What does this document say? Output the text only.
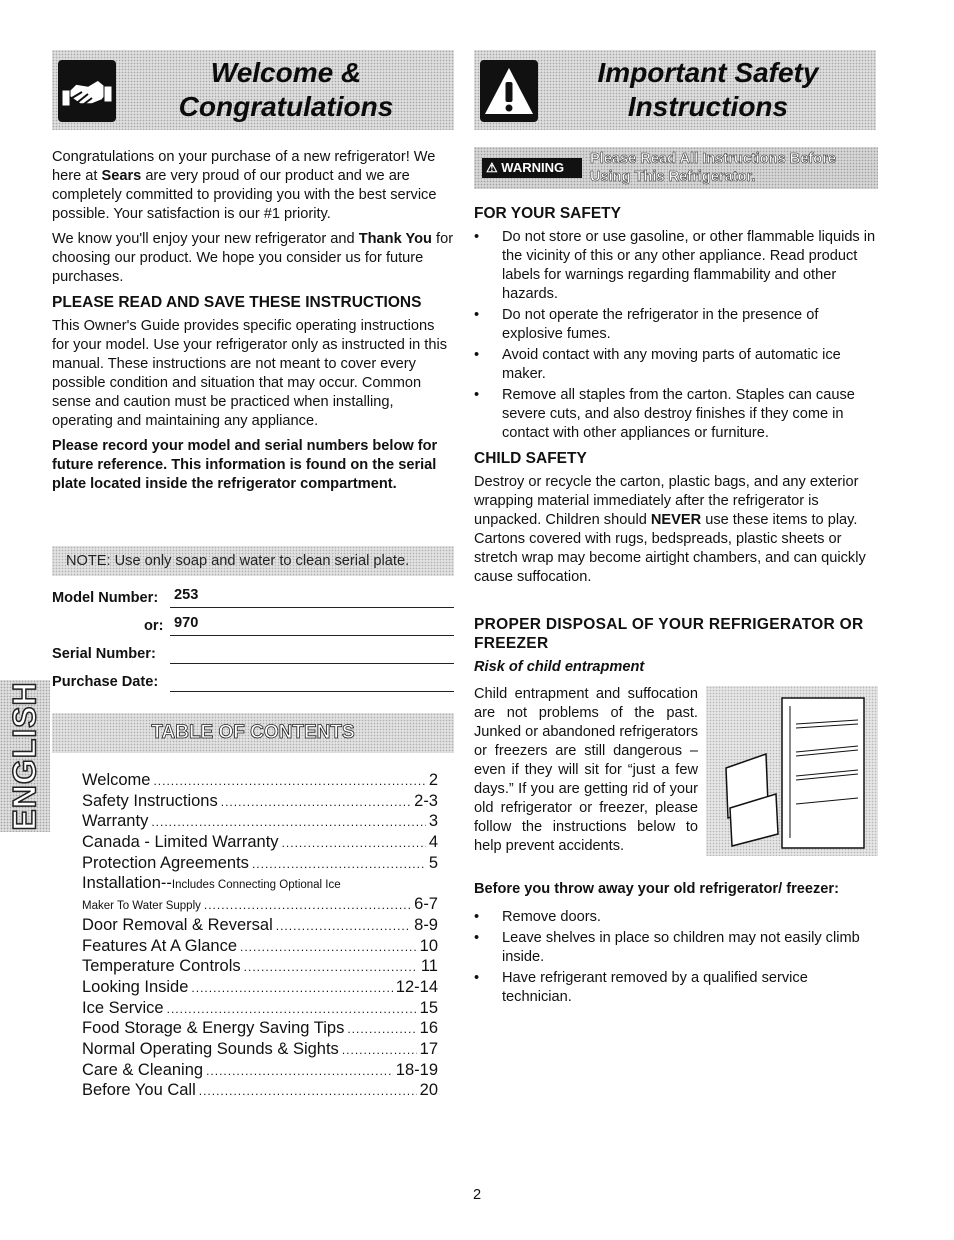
Welcome & Congratulations
Important Safety Instructions

Congratulations on your purchase of a new refrigerator! We here at Sears are very proud of our product and we are completely committed to providing you with the best service possible. Your satisfaction is our #1 priority.

We know you'll enjoy your new refrigerator and Thank You for choosing our product. We hope you consider us for future purchases.

PLEASE READ AND SAVE THESE INSTRUCTIONS

This Owner's Guide provides specific operating instructions for your model. Use your refrigerator only as instructed in this manual. These instructions are not meant to cover every possible condition and situation that may occur. Common sense and caution must be practiced when installing, operating and maintaining any appliance.

Please record your model and serial numbers below for future reference. This information is found on the serial plate located inside the refrigerator compartment.

NOTE: Use only soap and water to clean serial plate.
Model Number: 253
or: 970
Serial Number:
Purchase Date:
ENGLISH	TABLE OF CONTENTS
Welcome .....	2
Safety Instructions .....	2-3
Warranty .....	3
Canada - Limited Warranty .....	4
Protection Agreements .....	5
Installation-- Includes Connecting Optional Ice
Maker To Water Supply .....	6-7
Door Removal & Reversal .....	8-9
Features At A Glance .....	10
Temperature Controls .....	11
Looking Inside .....	12-14
Ice Service .....	15
Food Storage & Energy Saving Tips .....	16
Normal Operating Sounds & Sights .....	17
Care & Cleaning .....	18-19
Before You Call .....	20
⚠ WARNING
Please Read All Instructions Before Using This Refrigerator.
FOR YOUR SAFETY
• Do not store or use gasoline, or other flammable liquids in the vicinity of this or any other appliance. Read product labels for warnings regarding flammability and other hazards.
• Do not operate the refrigerator in the presence of explosive fumes.
• Avoid contact with any moving parts of automatic ice maker.
• Remove all staples from the carton. Staples can cause severe cuts, and also destroy finishes if they come in contact with other appliances or furniture.
CHILD SAFETY

Destroy or recycle the carton, plastic bags, and any exterior wrapping material immediately after the refrigerator is unpacked. Children should NEVER use these items to play. Cartons covered with rugs, bedspreads, plastic sheets or stretch wrap may become airtight chambers, and can quickly cause suffocation.

PROPER DISPOSAL OF YOUR REFRIGERATOR OR FREEZER

Risk of child entrapment

Child entrapment and suffocation are not problems of the past. Junked or abandoned refrigerators or freezers are still dangerous – even if they will sit for “just a few days.” If you are getting rid of your old refrigerator or freezer, please follow the instructions below to help prevent accidents.

Before you throw away your old refrigerator/ freezer:

• Remove doors.
• Leave shelves in place so children may not easily climb inside.
• Have refrigerant removed by a qualified service technician.
2
